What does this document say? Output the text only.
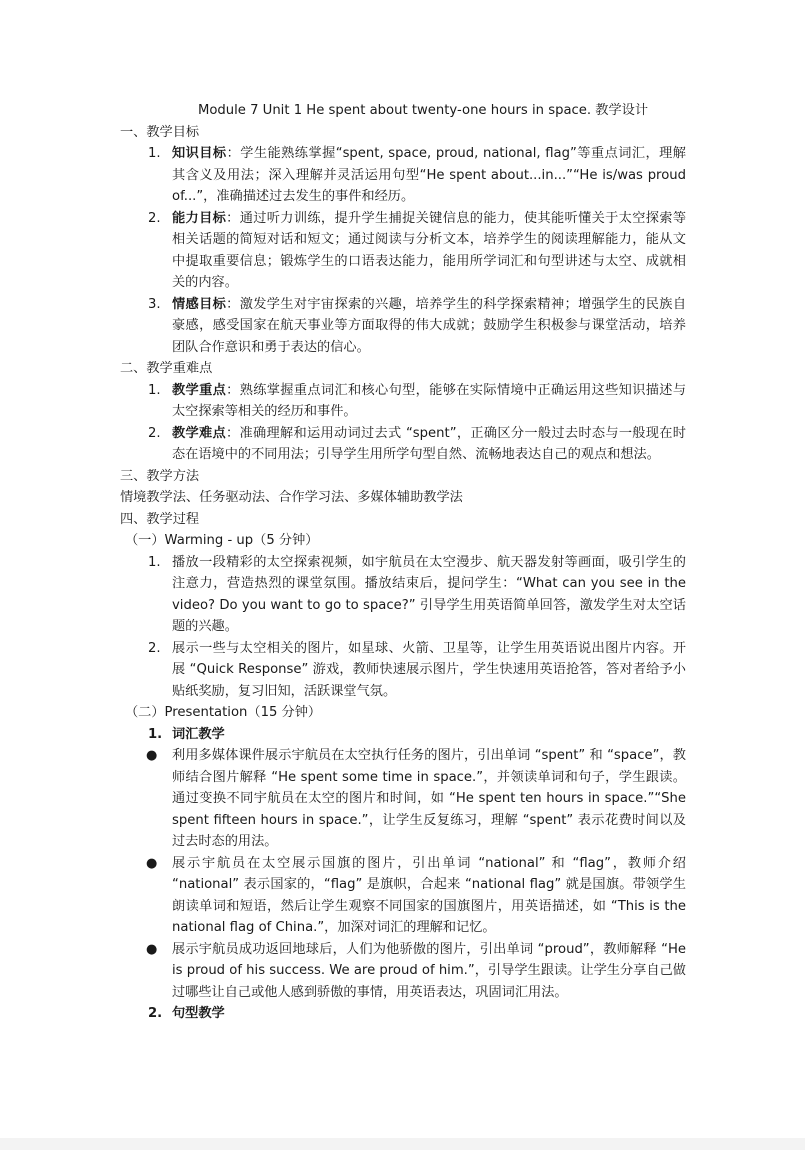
Module 7 Unit 1 He spent about twenty-one hours in space. 教学设计
一、教学目标
1. 知识目标：学生能熟练掌握“spent, space, proud, national, flag”等重点词汇，理解其含义及用法；深入理解并灵活运用句型“He spent about...in...”“He is/was proud of...”，准确描述过去发生的事件和经历。
2. 能力目标：通过听力训练，提升学生捕捉关键信息的能力，使其能听懂关于太空探索等相关话题的简短对话和短文；通过阅读与分析文本，培养学生的阅读理解能力，能从文中提取重要信息；锻炼学生的口语表达能力，能用所学词汇和句型讲述与太空、成就相关的内容。
3. 情感目标：激发学生对宇宙探索的兴趣，培养学生的科学探索精神；增强学生的民族自豪感，感受国家在航天事业等方面取得的伟大成就；鼓励学生积极参与课堂活动，培养团队合作意识和勇于表达的信心。
二、教学重难点
1. 教学重点：熟练掌握重点词汇和核心句型，能够在实际情境中正确运用这些知识描述与太空探索等相关的经历和事件。
2. 教学难点：准确理解和运用动词过去式 “spent”，正确区分一般过去时态与一般现在时态在语境中的不同用法；引导学生用所学句型自然、流畅地表达自己的观点和想法。
三、教学方法
情境教学法、任务驱动法、合作学习法、多媒体辅助教学法
四、教学过程
（一）Warming - up（5 分钟）
1. 播放一段精彩的太空探索视频，如宇航员在太空漫步、航天器发射等画面，吸引学生的注意力，营造热烈的课堂氛围。播放结束后，提问学生：“What can you see in the video? Do you want to go to space?” 引导学生用英语简单回答，激发学生对太空话题的兴趣。
2. 展示一些与太空相关的图片，如星球、火箭、卫星等，让学生用英语说出图片内容。开展 “Quick Response” 游戏，教师快速展示图片，学生快速用英语抢答，答对者给予小贴纸奖励，复习旧知，活跃课堂气氛。
（二）Presentation（15 分钟）
1. 词汇教学
● 利用多媒体课件展示宇航员在太空执行任务的图片，引出单词 “spent” 和 “space”，教师结合图片解释 “He spent some time in space.”，并领读单词和句子，学生跟读。通过变换不同宇航员在太空的图片和时间，如 “He spent ten hours in space.”“She spent fifteen hours in space.”，让学生反复练习，理解 “spent” 表示花费时间以及过去时态的用法。
● 展示宇航员在太空展示国旗的图片，引出单词 “national” 和 “flag”，教师介绍 “national” 表示国家的，“flag” 是旗帜，合起来 “national flag” 就是国旗。带领学生朗读单词和短语，然后让学生观察不同国家的国旗图片，用英语描述，如 “This is the national flag of China.”，加深对词汇的理解和记忆。
● 展示宇航员成功返回地球后，人们为他骄傲的图片，引出单词 “proud”，教师解释 “He is proud of his success. We are proud of him.”，引导学生跟读。让学生分享自己做过哪些让自己或他人感到骄傲的事情，用英语表达，巩固词汇用法。
2. 句型教学
